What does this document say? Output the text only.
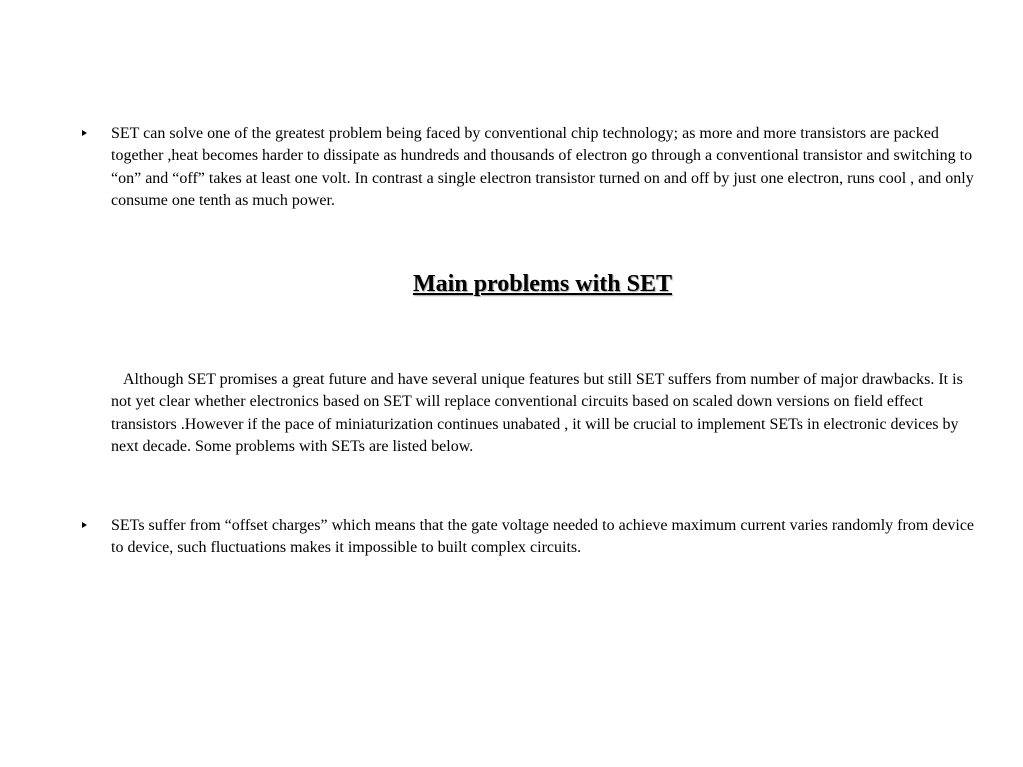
SET can solve one of the greatest problem being faced by conventional chip technology; as more and more transistors are packed together ,heat becomes harder to dissipate as hundreds and thousands of electron go through a conventional transistor and switching to “on” and “off” takes at least one volt. In contrast a single electron transistor turned on and off by just one electron, runs cool , and only consume one tenth as much power.

Main problems with SET

Although SET promises a great future and have several unique features but still SET suffers from number of major drawbacks. It is not yet clear whether electronics based on SET will replace conventional circuits based on scaled down versions on field effect transistors .However if the pace of miniaturization continues unabated , it will be crucial to implement SETs in electronic devices by next decade. Some problems with SETs are listed below.

SETs suffer from “offset charges” which means that the gate voltage needed to achieve maximum current varies randomly from device to device, such fluctuations makes it impossible to built complex circuits.
